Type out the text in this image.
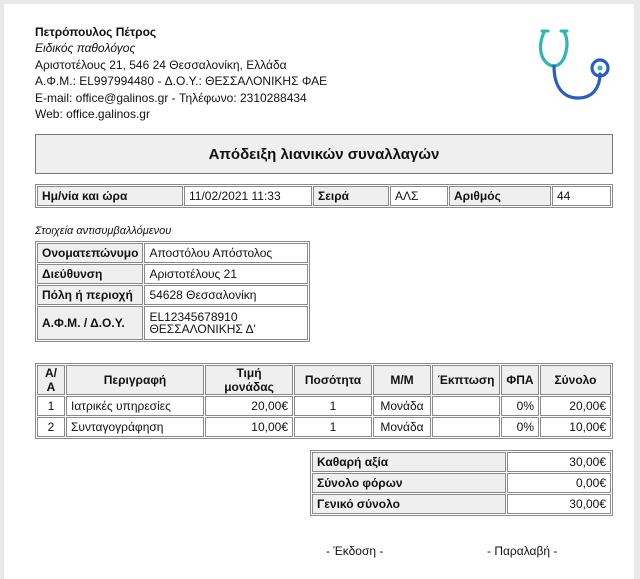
Πετρόπουλος Πέτρος
Ειδικός παθολόγος
Αριστοτέλους 21, 546 24 Θεσσαλονίκη, Ελλάδα
Α.Φ.Μ.: EL997994480 - Δ.Ο.Υ.: ΘΕΣΣΑΛΟΝΙΚΗΣ ΦΑΕ
E-mail: office@galinos.gr - Τηλέφωνο: 2310288434
Web: office.galinos.gr
Απόδειξη λιανικών συναλλαγών
Ημ/νία και ώρα	11/02/2021 11:33	Σειρά	ΑΛΣ	Αριθμός	44
Στοιχεία αντισυμβαλλόμενου
Ονοματεπώνυμο	Αποστόλου Απόστολος
Διεύθυνση	Αριστοτέλους 21
Πόλη ή περιοχή	54628 Θεσσαλονίκη
Α.Φ.Μ. / Δ.Ο.Υ.	EL12345678910
ΘΕΣΣΑΛΟΝΙΚΗΣ Δ'
Α/Α	Περιγραφή	Τιμή μονάδας	Ποσότητα	Μ/Μ	Έκπτωση	ΦΠΑ	Σύνολο
1	Ιατρικές υπηρεσίες	20,00€	1	Μονάδα		0%	20,00€
2	Συνταγογράφηση	10,00€	1	Μονάδα		0%	10,00€
Καθαρή αξία	30,00€
Σύνολο φόρων	0,00€
Γενικό σύνολο	30,00€
- Έκδοση -	- Παραλαβή -
